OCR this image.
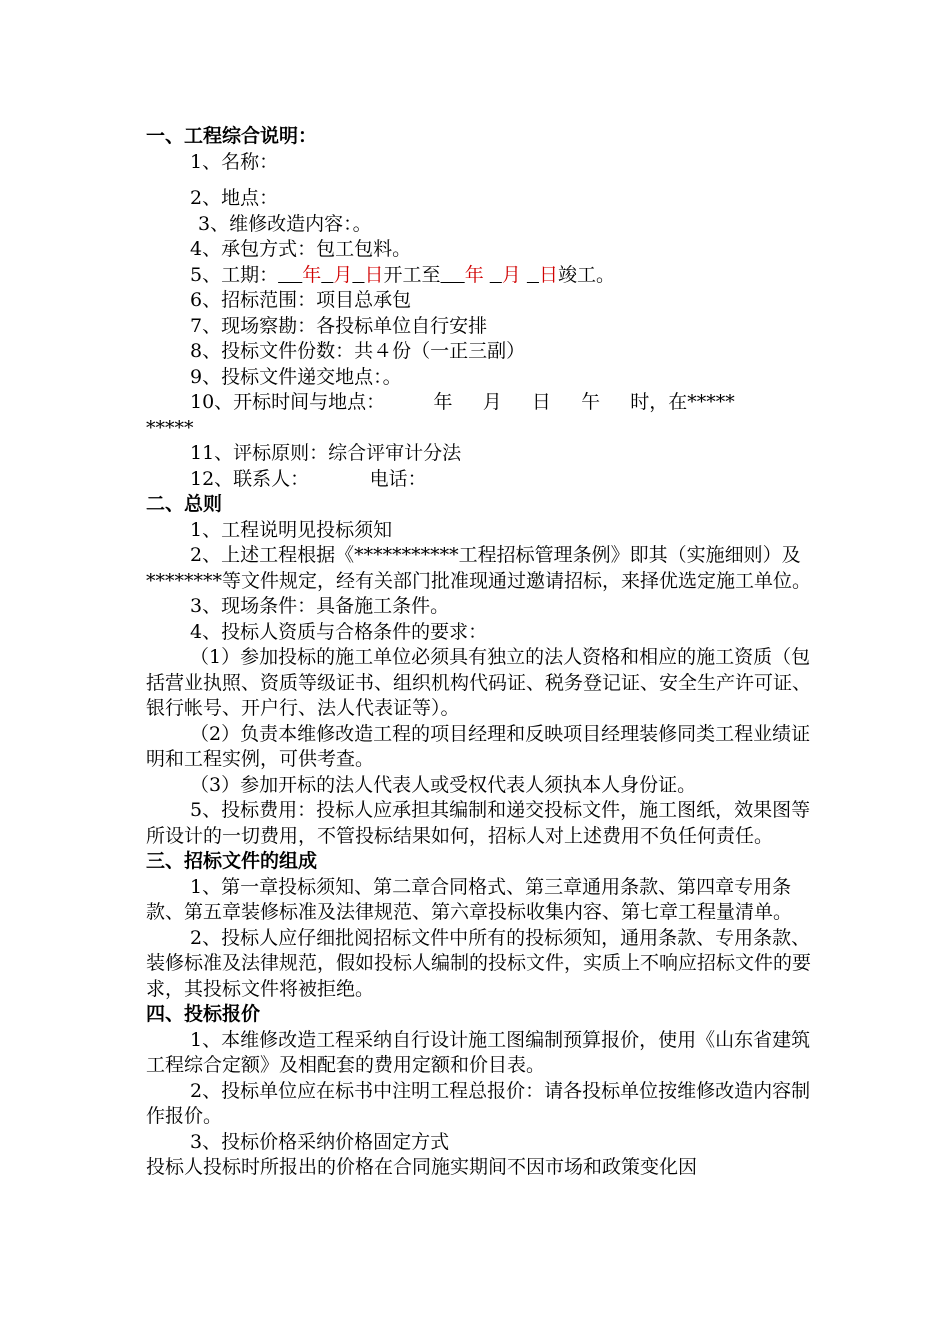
一、工程综合说明：
1、名称：
2、地点：
3、维修改造内容：。
4、承包方式：包工包料。
5、工期： 年 月 日开工至 年   月   日竣工。
6、招标范围：项目总承包
7、现场察勘：各投标单位自行安排
8、投标文件份数：共４份（一正三副）
9、投标文件递交地点：。
10、开标时间与地点：        年     月     日     午     时，在*****
*****
11、评标原则：综合评审计分法
12、联系人：          电话：
二、总则
1、工程说明见投标须知
2、上述工程根据《***********工程招标管理条例》即其（实施细则）及********等文件规定，经有关部门批准现通过邀请招标，来择优选定施工单位。
3、现场条件：具备施工条件。
4、投标人资质与合格条件的要求：
（1）参加投标的施工单位必须具有独立的法人资格和相应的施工资质（包括营业执照、资质等级证书、组织机构代码证、税务登记证、安全生产许可证、银行帐号、开户行、法人代表证等）。
（2）负责本维修改造工程的项目经理和反映项目经理装修同类工程业绩证明和工程实例，可供考查。
（3）参加开标的法人代表人或受权代表人须执本人身份证。
5、投标费用：投标人应承担其编制和递交投标文件，施工图纸，效果图等所设计的一切费用，不管投标结果如何，招标人对上述费用不负任何责任。
三、招标文件的组成
1、第一章投标须知、第二章合同格式、第三章通用条款、第四章专用条款、第五章装修标准及法律规范、第六章投标收集内容、第七章工程量清单。
2、投标人应仔细批阅招标文件中所有的投标须知，通用条款、专用条款、装修标准及法律规范，假如投标人编制的投标文件，实质上不响应招标文件的要求，其投标文件将被拒绝。
四、投标报价
1、本维修改造工程采纳自行设计施工图编制预算报价，使用《山东省建筑工程综合定额》及相配套的费用定额和价目表。
2、投标单位应在标书中注明工程总报价：请各投标单位按维修改造内容制作报价。
3、投标价格采纳价格固定方式
投标人投标时所报出的价格在合同施实期间不因市场和政策变化因
